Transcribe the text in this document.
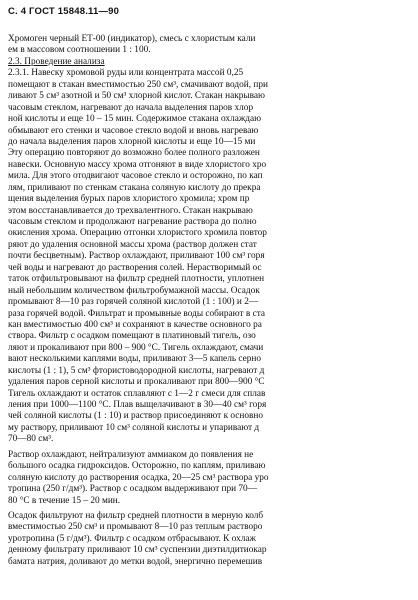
С. 4 ГОСТ 15848.11—90
Хромоген черный ЕТ-00 (индикатор), смесь с хлористым кали
ем в массовом соотношении 1 : 100.
2.3. Проведение анализа
2.3.1. Навеску хромовой руды или концентрата массой 0,25
помещают в стакан вместимостью 250 см³, смачивают водой, при
ливают 5 см³ азотной и 50 см³ хлорной кислот. Стакан накрываю
часовым стеклом, нагревают до начала выделения паров хлор
ной кислоты и еще 10 – 15 мин. Содержимое стакана охлаждаю
обмывают его стенки и часовое стекло водой и вновь нагреваю
до начала выделения паров хлорной кислоты и еще 10—15 ми
Эту операцию повторяют до возможно более полного разложен
навески. Основную массу хрома отгоняют в виде хлористого хро
мила. Для этого отодвигают часовое стекло и осторожно, по кап
лям, приливают по стенкам стакана соляную кислоту до прекра
щения выделения бурых паров хлористого хромила; хром пр
этом восстанавливается до трехвалентного. Стакан накрываю
часовым стеклом и продолжают нагревание раствора до полно
окисления хрома. Операцию отгонки хлористого хромила повтор
ряют до удаления основной массы хрома (раствор должен стат
почти бесцветным). Раствор охлаждают, приливают 100 см³ горя
чей воды и нагревают до растворения солей. Нерастворимый ос
таток отфильтровывают на фильтр средней плотности, уплотнен
ный небольшим количеством фильтробумажной массы. Осадок
промывают 8—10 раз горячей соляной кислотой (1 : 100) и 2—
раза горячей водой. Фильтрат и промывные воды собирают в ста
кан вместимостью 400 см³ и сохраняют в качестве основного ра
створа. Фильтр с осадком помещают в платиновый тигель, озо
ляют и прокаливают при 800 – 900 °С. Тигель охлаждают, смачи
вают несколькими каплями воды, приливают 3—5 капель серно
кислоты (1 : 1), 5 см³ фтористоводородной кислоты, нагревают д
удаления паров серной кислоты и прокаливают при 800—900 °С
Тигель охлаждают и остаток сплавляют с 1—2 г смеси для сплав
ления при 1000—1100 °С. Плав выщелачивают в 30—40 см³ горя
чей соляной кислоты (1 : 10) и раствор присоединяют к основно
му раствору, приливают 10 см³ соляной кислоты и упаривают д
70—80 см³.
Раствор охлаждают, нейтрализуют аммиаком до появления не
большого осадка гидроксидов. Осторожно, по каплям, приливаю
соляную кислоту до растворения осадка, 20—25 см³ раствора уро
тропина (250 г/дм³). Раствор с осадком выдерживают при 70—
80 °С в течение 15 – 20 мин.
Осадок фильтруют на фильтр средней плотности в мерную колб
вместимостью 250 см³ и промывают 8—10 раз теплым растворо
уротропина (5 г/дм³). Фильтр с осадком отбрасывают. К охлаж
денному фильтрату приливают 10 см³ суспензии диэтилдитиокар
бамата натрия, доливают до метки водой, энергично перемешив
